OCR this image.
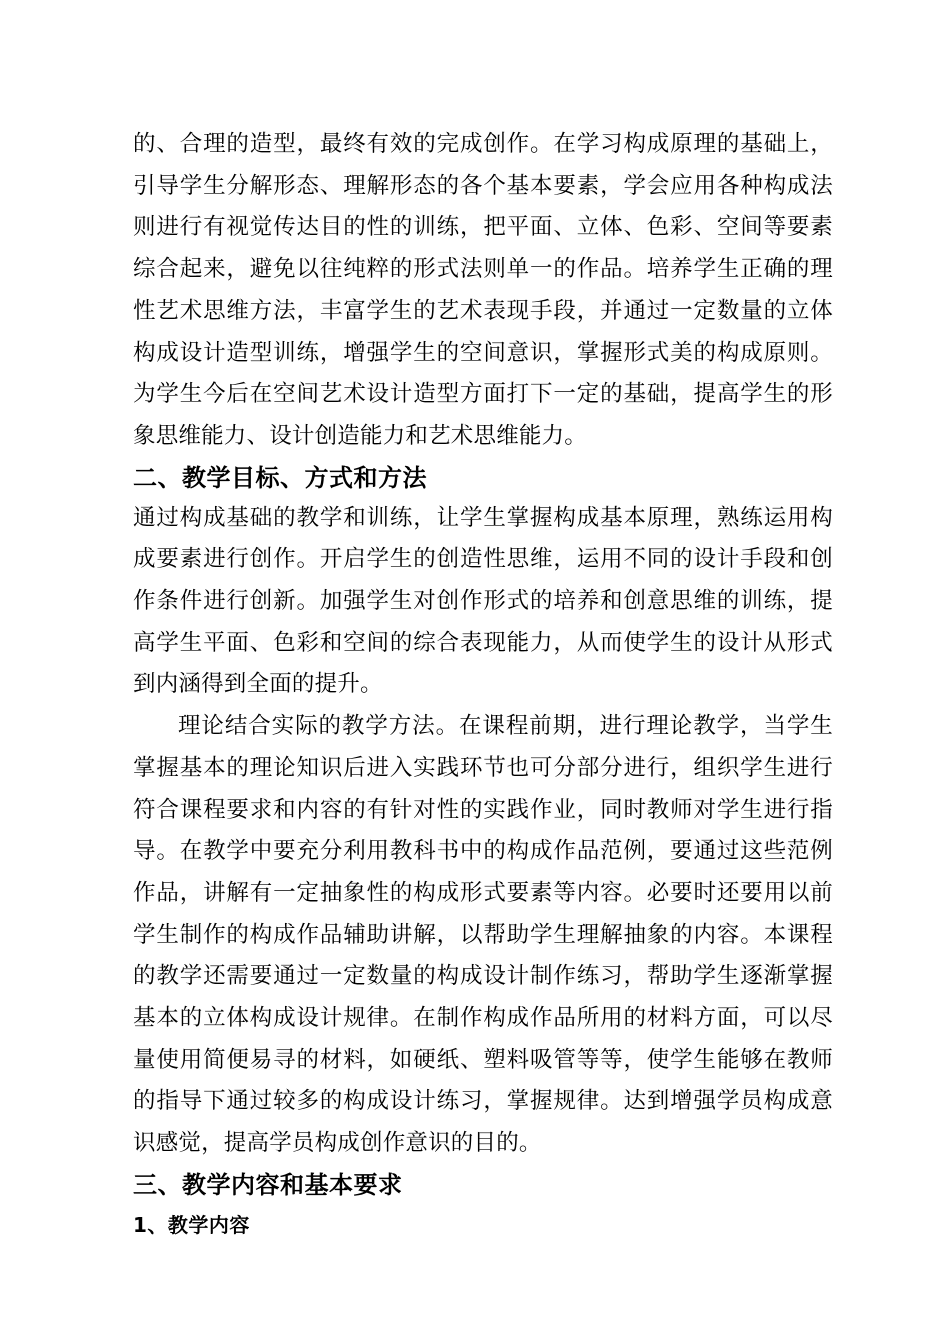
的、合理的造型，最终有效的完成创作。在学习构成原理的基础上，引导学生分解形态、理解形态的各个基本要素，学会应用各种构成法则进行有视觉传达目的性的训练，把平面、立体、色彩、空间等要素综合起来，避免以往纯粹的形式法则单一的作品。培养学生正确的理性艺术思维方法，丰富学生的艺术表现手段，并通过一定数量的立体构成设计造型训练，增强学生的空间意识，掌握形式美的构成原则。为学生今后在空间艺术设计造型方面打下一定的基础，提高学生的形象思维能力、设计创造能力和艺术思维能力。

二、教学目标、方式和方法

通过构成基础的教学和训练，让学生掌握构成基本原理，熟练运用构成要素进行创作。开启学生的创造性思维，运用不同的设计手段和创作条件进行创新。加强学生对创作形式的培养和创意思维的训练，提高学生平面、色彩和空间的综合表现能力，从而使学生的设计从形式到内涵得到全面的提升。

理论结合实际的教学方法。在课程前期，进行理论教学，当学生掌握基本的理论知识后进入实践环节也可分部分进行，组织学生进行符合课程要求和内容的有针对性的实践作业，同时教师对学生进行指导。在教学中要充分利用教科书中的构成作品范例，要通过这些范例作品，讲解有一定抽象性的构成形式要素等内容。必要时还要用以前学生制作的构成作品辅助讲解，以帮助学生理解抽象的内容。本课程的教学还需要通过一定数量的构成设计制作练习，帮助学生逐渐掌握基本的立体构成设计规律。在制作构成作品所用的材料方面，可以尽量使用简便易寻的材料，如硬纸、塑料吸管等等，使学生能够在教师的指导下通过较多的构成设计练习，掌握规律。达到增强学员构成意识感觉，提高学员构成创作意识的目的。

三、教学内容和基本要求
1、教学内容
